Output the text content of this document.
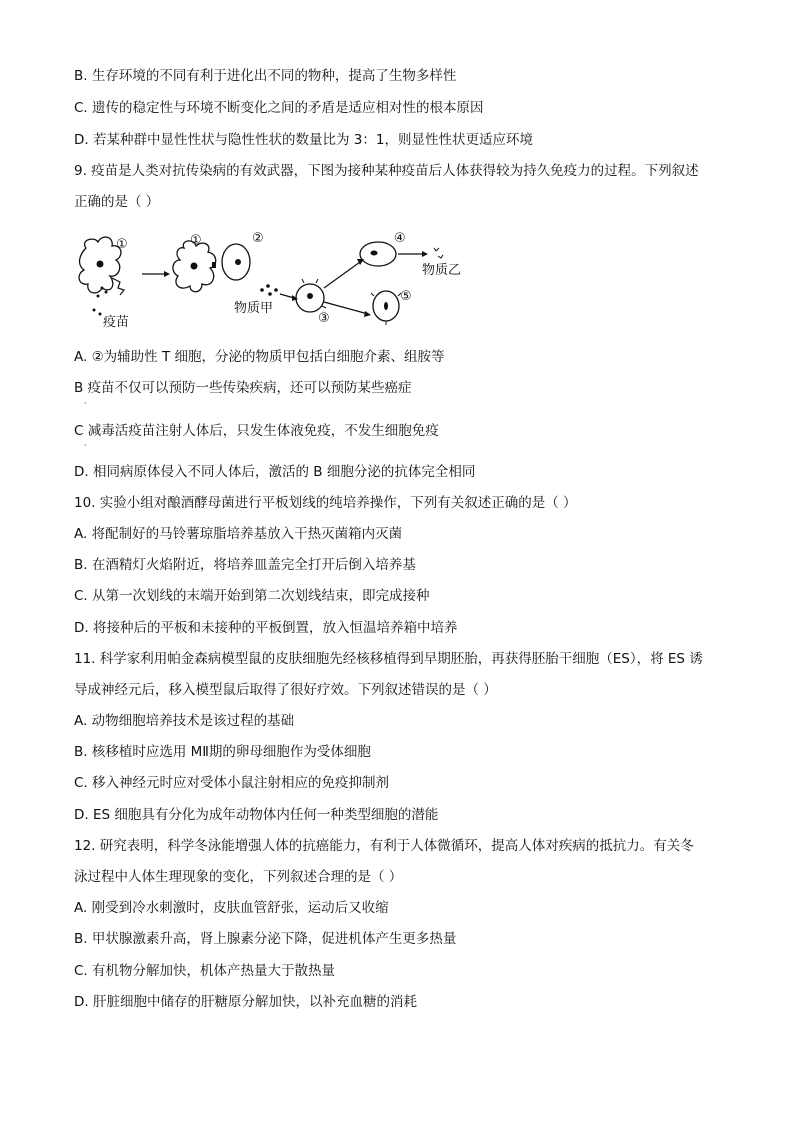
B. 生存环境的不同有利于进化出不同的物种，提高了生物多样性
C. 遗传的稳定性与环境不断变化之间的矛盾是适应相对性的根本原因
D. 若某种群中显性性状与隐性性状的数量比为 3：1，则显性性状更适应环境
9. 疫苗是人类对抗传染病的有效武器，下图为接种某种疫苗后人体获得较为持久免疫力的过程。下列叙述
正确的是（ ）
①
疫苗
①	②
物质甲
③
④
物质乙
⑤
A. ②为辅助性 T 细胞，分泌的物质甲包括白细胞介素、组胺等
B 疫苗不仅可以预防一些传染疾病，还可以预防某些癌症
·
C 减毒活疫苗注射人体后，只发生体液免疫，不发生细胞免疫
·
D. 相同病原体侵入不同人体后，激活的 B 细胞分泌的抗体完全相同
10. 实验小组对酿酒酵母菌进行平板划线的纯培养操作，下列有关叙述正确的是（ ）
A. 将配制好的马铃薯琼脂培养基放入干热灭菌箱内灭菌
B. 在酒精灯火焰附近，将培养皿盖完全打开后倒入培养基
C. 从第一次划线的末端开始到第二次划线结束，即完成接种
D. 将接种后的平板和未接种的平板倒置，放入恒温培养箱中培养
11. 科学家利用帕金森病模型鼠的皮肤细胞先经核移植得到早期胚胎，再获得胚胎干细胞（ES），将 ES 诱
导成神经元后，移入模型鼠后取得了很好疗效。下列叙述错误的是（ ）
A. 动物细胞培养技术是该过程的基础
B. 核移植时应选用 MⅡ期的卵母细胞作为受体细胞
C. 移入神经元时应对受体小鼠注射相应的免疫抑制剂
D. ES 细胞具有分化为成年动物体内任何一种类型细胞的潜能
12. 研究表明，科学冬泳能增强人体的抗癌能力，有利于人体微循环，提高人体对疾病的抵抗力。有关冬
泳过程中人体生理现象的变化，下列叙述合理的是（ ）
A. 刚受到冷水刺激时，皮肤血管舒张，运动后又收缩
B. 甲状腺激素升高，肾上腺素分泌下降，促进机体产生更多热量
C. 有机物分解加快，机体产热量大于散热量
D. 肝脏细胞中储存的肝糖原分解加快，以补充血糖的消耗
